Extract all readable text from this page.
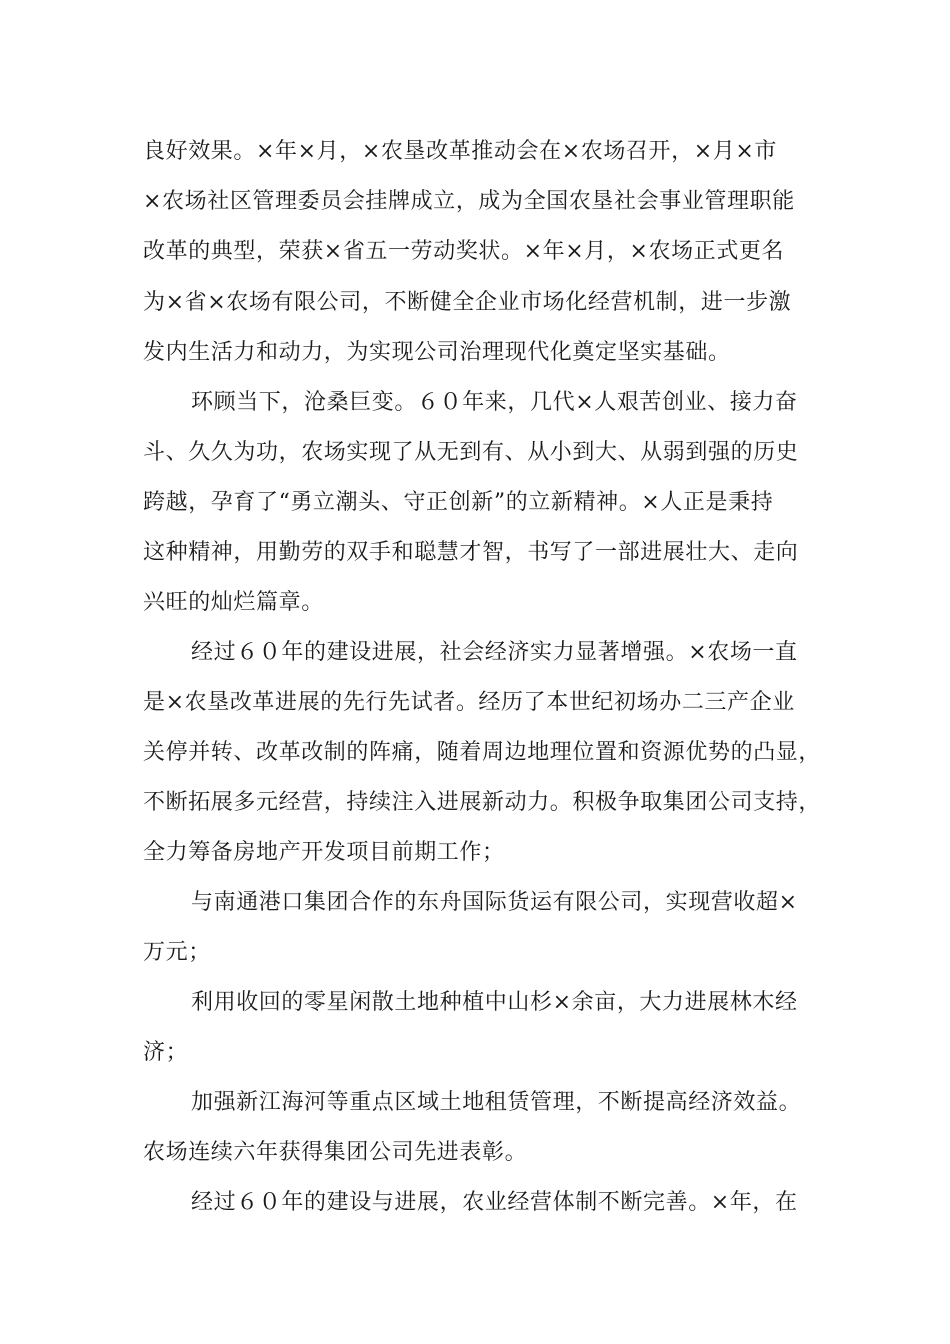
良好效果。×年×月，×农垦改革推动会在×农场召开，×月×市
×农场社区管理委员会挂牌成立，成为全国农垦社会事业管理职能
改革的典型，荣获×省五一劳动奖状。×年×月，×农场正式更名
为×省×农场有限公司，不断健全企业市场化经营机制，进一步激
发内生活力和动力，为实现公司治理现代化奠定坚实基础。
环顾当下，沧桑巨变。６０年来，几代×人艰苦创业、接力奋
斗、久久为功，农场实现了从无到有、从小到大、从弱到强的历史
跨越，孕育了“勇立潮头、守正创新”的立新精神。×人正是秉持
这种精神，用勤劳的双手和聪慧才智，书写了一部进展壮大、走向
兴旺的灿烂篇章。
经过６０年的建设进展，社会经济实力显著增强。×农场一直
是×农垦改革进展的先行先试者。经历了本世纪初场办二三产企业
关停并转、改革改制的阵痛，随着周边地理位置和资源优势的凸显，
不断拓展多元经营，持续注入进展新动力。积极争取集团公司支持，
全力筹备房地产开发项目前期工作；
与南通港口集团合作的东舟国际货运有限公司，实现营收超×
万元；
利用收回的零星闲散土地种植中山杉×余亩，大力进展林木经
济；
加强新江海河等重点区域土地租赁管理，不断提高经济效益。
农场连续六年获得集团公司先进表彰。
经过６０年的建设与进展，农业经营体制不断完善。×年，在
